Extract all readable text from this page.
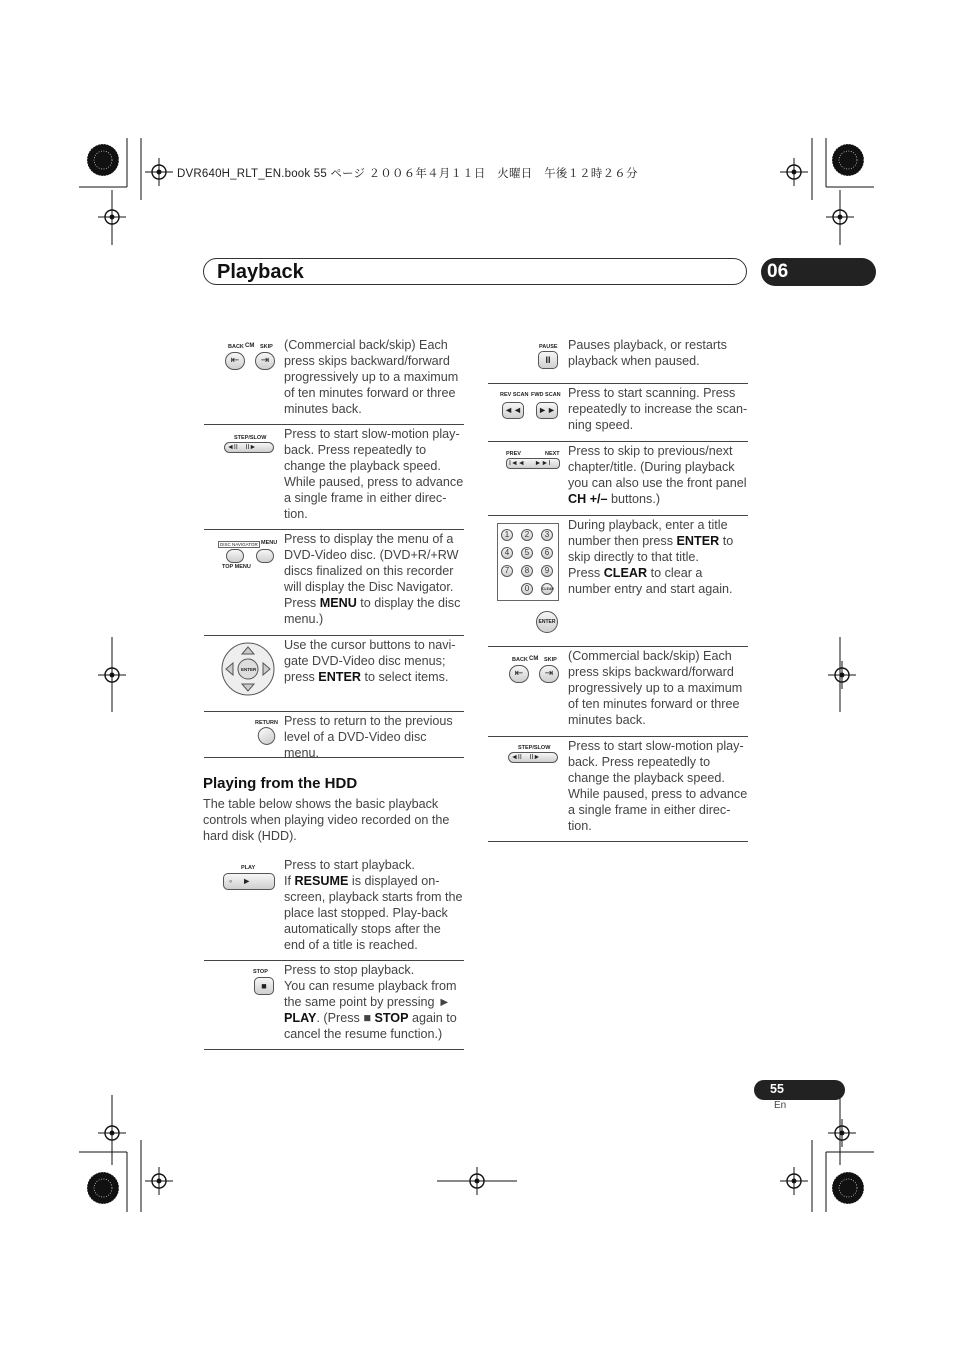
DVR640H_RLT_EN.book 55 ページ ２００６年４月１１日　火曜日　午後１２時２６分
Playback	06
BACK CM SKIP
⇤	⇥
(Commercial back/skip) Each press skips backward/forward progressively up to a maximum of ten minutes forward or three minutes back.
STEP/SLOW
◄II    II►
Press to start slow-motion play-back. Press repeatedly to change the playback speed. While paused, press to advance a single frame in either direc-tion.
DISC NAVIGATOR MENU
TOP MENU
Press to display the menu of a DVD-Video disc. (DVD+R/+RW discs finalized on this recorder will display the Disc Navigator. Press MENU to display the disc menu.)
ENTER
Use the cursor buttons to navi-gate DVD-Video disc menus; press ENTER to select items.
RETURN Press to return to the previous level of a DVD-Video disc menu.
Playing from the HDD
The table below shows the basic playback controls when playing video recorded on the hard disk (HDD).
PLAY
◦    ►
Press to start playback.
If RESUME is displayed on-screen, playback starts from the place last stopped. Play-back automatically stops after the end of a title is reached.
STOP
■
Press to stop playback.
You can resume playback from the same point by pressing ► PLAY. (Press ■ STOP again to cancel the resume function.)
PAUSE
II
Pauses playback, or restarts playback when paused.
REV SCAN FWD SCAN
◄◄ ►►
Press to start scanning. Press repeatedly to increase the scan-ning speed.
PREV	NEXT
I◄◄     ►►I
Press to skip to previous/next chapter/title. (During playback you can also use the front panel CH +/– buttons.)
1	2	3
4	5	6
7	8	9
0	CLEAR
ENTER
During playback, enter a title number then press ENTER to skip directly to that title.
Press CLEAR to clear a number entry and start again.
BACK CM SKIP
⇤	⇥
(Commercial back/skip) Each press skips backward/forward progressively up to a maximum of ten minutes forward or three minutes back.
STEP/SLOW
◄II    II►
Press to start slow-motion play-back. Press repeatedly to change the playback speed. While paused, press to advance a single frame in either direc-tion.
55
En
